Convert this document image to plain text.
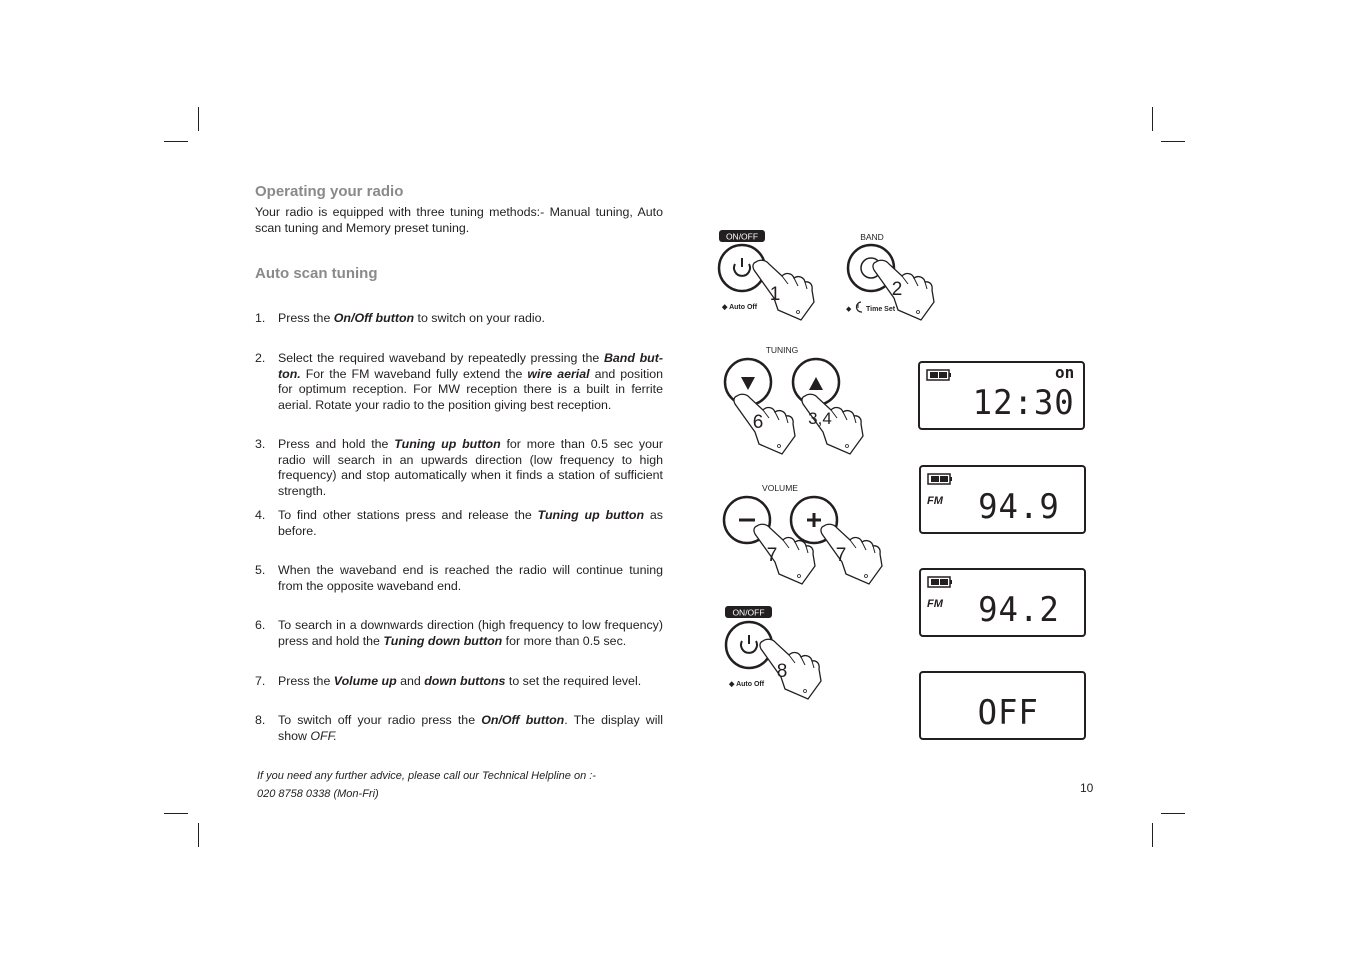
Operating your radio

Your radio is equipped with three tuning methods:- Manual tuning, Auto scan tuning and Memory preset tuning.

Auto scan tuning
1. Press the On/Off button to switch on your radio.
2. Select the required waveband by repeatedly pressing the Band but-ton. For the FM waveband fully extend the wire aerial and position for optimum reception. For MW reception there is a built in ferrite aerial. Rotate your radio to the position giving best reception.
3. Press and hold the Tuning up button for more than 0.5 sec your radio will search in an upwards direction (low frequency to high frequency) and stop automatically when it finds a station of sufficient strength.
4. To find other stations press and release the Tuning up button as before.
5. When the waveband end is reached the radio will continue tuning from the opposite waveband end.
6. To search in a downwards direction (high frequency to low frequency) press and hold the Tuning down button for more than 0.5 sec.
7. Press the Volume up and down buttons to set the required level.
8. To switch off your radio press the On/Off button. The display will show OFF.
If you need any further advice, please call our Technical Helpline on :-
020 8758 0338 (Mon-Fri)	10
ON/OFF
1
◆ Auto Off
BAND
2
◆ Time Set
TUNING
6	3,4
VOLUME
7	7
ON/OFF
8
◆ Auto Off
on
12:30
FM 94.9
FM 94.2
OFF
